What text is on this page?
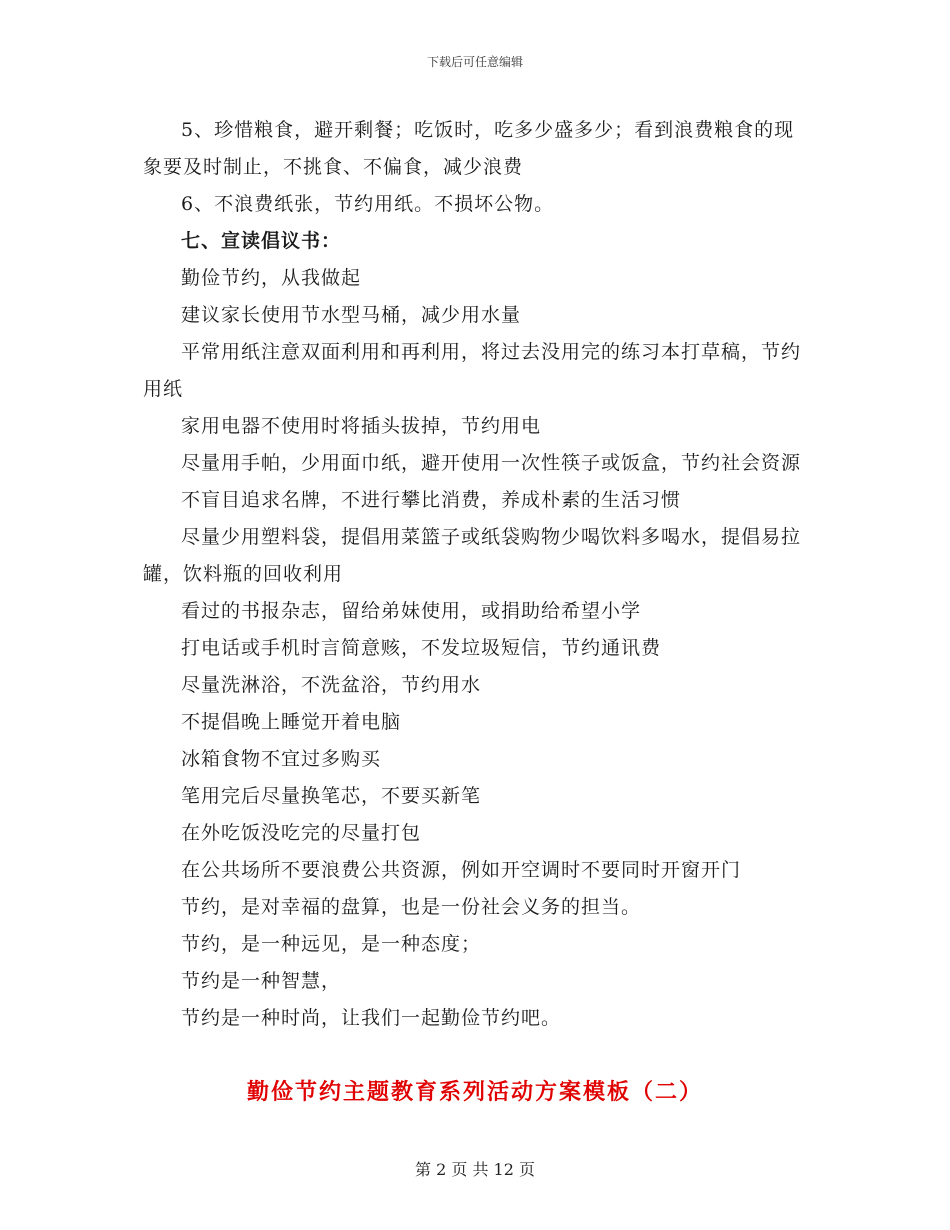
下载后可任意编辑

5、珍惜粮食，避开剩餐；吃饭时，吃多少盛多少；看到浪费粮食的现象要及时制止，不挑食、不偏食，减少浪费

6、不浪费纸张，节约用纸。不损坏公物。

七、宣读倡议书：

勤俭节约，从我做起

建议家长使用节水型马桶，减少用水量

平常用纸注意双面利用和再利用，将过去没用完的练习本打草稿，节约用纸

家用电器不使用时将插头拔掉，节约用电

尽量用手帕，少用面巾纸，避开使用一次性筷子或饭盒，节约社会资源

不盲目追求名牌，不进行攀比消费，养成朴素的生活习惯

尽量少用塑料袋，提倡用菜篮子或纸袋购物少喝饮料多喝水，提倡易拉罐，饮料瓶的回收利用

看过的书报杂志，留给弟妹使用，或捐助给希望小学

打电话或手机时言简意赅，不发垃圾短信，节约通讯费

尽量洗淋浴，不洗盆浴，节约用水

不提倡晚上睡觉开着电脑

冰箱食物不宜过多购买

笔用完后尽量换笔芯，不要买新笔

在外吃饭没吃完的尽量打包

在公共场所不要浪费公共资源，例如开空调时不要同时开窗开门

节约，是对幸福的盘算，也是一份社会义务的担当。

节约，是一种远见，是一种态度；

节约是一种智慧，

节约是一种时尚，让我们一起勤俭节约吧。

勤俭节约主题教育系列活动方案模板（二）
第 2 页 共 12 页
